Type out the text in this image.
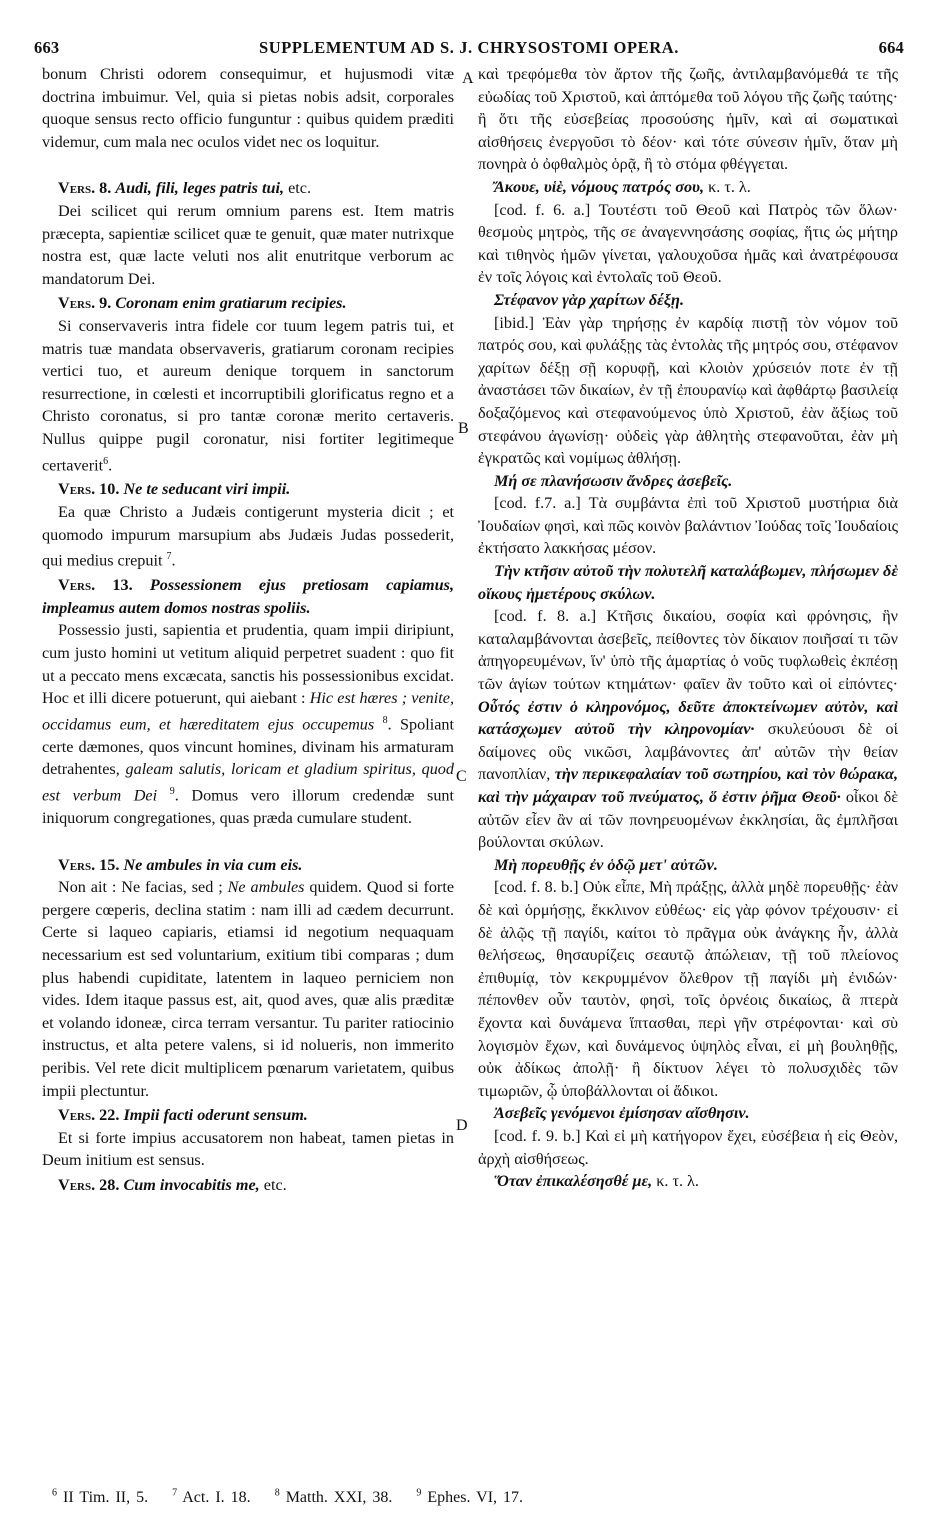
663	SUPPLEMENTUM AD S. J. CHRYSOSTOMI OPERA.	664
A
B
C
D

bonum Christi odorem consequimur, et hujusmodi vitæ doctrina imbuimur. Vel, quia si pietas nobis adsit, corporales quoque sensus recto officio funguntur : quibus quidem præditi videmur, cum mala nec oculos videt nec os loquitur.

Vers. 8. Audi, fili, leges patris tui, etc.

Dei scilicet qui rerum omnium parens est. Item matris præcepta, sapientiæ scilicet quæ te genuit, quæ mater nutrixque nostra est, quæ lacte veluti nos alit enutritque verborum ac mandatorum Dei.

Vers. 9. Coronam enim gratiarum recipies.

Si conservaveris intra fidele cor tuum legem patris tui, et matris tuæ mandata observaveris, gratiarum coronam recipies vertici tuo, et aureum denique torquem in sanctorum resurrectione, in cœlesti et incorruptibili glorificatus regno et a Christo coronatus, si pro tantæ coronæ merito certaveris. Nullus quippe pugil coronatur, nisi fortiter legitimeque certaverit$^6$.

Vers. 10. Ne te seducant viri impii.

Ea quæ Christo a Judæis contigerunt mysteria dicit ; et quomodo impurum marsupium abs Judæis Judas possederit, qui medius crepuit $^7$.

Vers. 13. Possessionem ejus pretiosam capiamus, impleamus autem domos nostras spoliis.

Possessio justi, sapientia et prudentia, quam impii diripiunt, cum justo homini ut vetitum aliquid perpetret suadent : quo fit ut a peccato mens excæcata, sanctis his possessionibus excidat. Hoc et illi dicere potuerunt, qui aiebant : Hic est hæres ; venite, occidamus eum, et hæreditatem ejus occupemus $^8$. Spoliant certe dæmones, quos vincunt homines, divinam his armaturam detrahentes, galeam salutis, loricam et gladium spiritus, quod est verbum Dei $^9$. Domus vero illorum credendæ sunt iniquorum congregationes, quas præda cumulare student.

Vers. 15. Ne ambules in via cum eis.

Non ait : Ne facias, sed ; Ne ambules quidem. Quod si forte pergere cœperis, declina statim : nam illi ad cædem decurrunt. Certe si laqueo capiaris, etiamsi id negotium nequaquam necessarium est sed voluntarium, exitium tibi comparas ; dum plus habendi cupiditate, latentem in laqueo perniciem non vides. Idem itaque passus est, ait, quod aves, quæ alis præditæ et volando idoneæ, circa terram versantur. Tu pariter ratiocinio instructus, et alta petere valens, si id nolueris, non immerito peribis. Vel rete dicit multiplicem pœnarum varietatem, quibus impii plectuntur.

Vers. 22. Impii facti oderunt sensum.

Et si forte impius accusatorem non habeat, tamen pietas in Deum initium est sensus.

Vers. 28. Cum invocabitis me, etc.

καὶ τρεφόμεθα τὸν ἄρτον τῆς ζωῆς, ἀντιλαμβανόμεθά τε τῆς εὐωδίας τοῦ Χριστοῦ, καὶ ἁπτόμεθα τοῦ λόγου τῆς ζωῆς ταύτης· ἢ ὅτι τῆς εὐσεβείας προσούσης ἡμῖν, καὶ αἱ σωματικαὶ αἰσθήσεις ἐνεργοῦσι τὸ δέον· καὶ τότε σύνεσιν ἡμῖν, ὅταν μὴ πονηρὰ ὁ ὀφθαλμὸς ὁρᾷ, ἢ τὸ στόμα φθέγγεται.

Ἄκουε, υἱὲ, νόμους πατρός σου, κ. τ. λ.

[cod. f. 6. a.] Τουτέστι τοῦ Θεοῦ καὶ Πατρὸς τῶν ὅλων· θεσμοὺς μητρὸς, τῆς σε ἀναγεννησάσης σοφίας, ἥτις ὡς μήτηρ καὶ τιθηνὸς ἡμῶν γίνεται, γαλουχοῦσα ἡμᾶς καὶ ἀνατρέφουσα ἐν τοῖς λόγοις καὶ ἐντολαῖς τοῦ Θεοῦ.

Στέφανον γὰρ χαρίτων δέξῃ.

[ibid.] Ἐὰν γὰρ τηρήσῃς ἐν καρδίᾳ πιστῇ τὸν νόμον τοῦ πατρός σου, καὶ φυλάξῃς τὰς ἐντολὰς τῆς μητρός σου, στέφανον χαρίτων δέξῃ σῇ κορυφῇ, καὶ κλοιὸν χρύσειόν ποτε ἐν τῇ ἀναστάσει τῶν δικαίων, ἐν τῇ ἐπουρανίῳ καὶ ἀφθάρτῳ βασιλείᾳ δοξαζόμενος καὶ στεφανούμενος ὑπὸ Χριστοῦ, ἐὰν ἄξίως τοῦ στεφάνου ἀγωνίσῃ· οὐδεὶς γὰρ ἀθλητὴς στεφανοῦται, ἐὰν μὴ ἐγκρατῶς καὶ νομίμως ἀθλήσῃ.

Μή σε πλανήσωσιν ἄνδρες ἀσεβεῖς.

[cod. f.7. a.] Τὰ συμβάντα ἐπὶ τοῦ Χριστοῦ μυστήρια διὰ Ἰουδαίων φησὶ, καὶ πῶς κοινὸν βαλάντιον Ἰούδας τοῖς Ἰουδαίοις ἐκτήσατο λακκήσας μέσον.

Τὴν κτῆσιν αὐτοῦ τὴν πολυτελῆ καταλάβωμεν, πλήσωμεν δὲ οἴκους ἡμετέρους σκύλων.

[cod. f. 8. a.] Κτῆσις δικαίου, σοφία καὶ φρόνησις, ἣν καταλαμβάνονται ἀσεβεῖς, πείθοντες τὸν δίκαιον ποιῆσαί τι τῶν ἀπηγορευμένων, ἵν' ὑπὸ τῆς ἁμαρτίας ὁ νοῦς τυφλωθεὶς ἐκπέσῃ τῶν ἁγίων τούτων κτημάτων· φαῖεν ἂν τοῦτο καὶ οἱ εἰπόντες· Οὗτός ἐστιν ὁ κληρονόμος, δεῦτε ἀποκτείνωμεν αὐτὸν, καὶ κατάσχωμεν αὐτοῦ τὴν κληρονομίαν· σκυλεύουσι δὲ οἱ δαίμονες οὓς νικῶσι, λαμβάνοντες ἀπ' αὐτῶν τὴν θείαν πανοπλίαν, τὴν περικεφαλαίαν τοῦ σωτηρίου, καὶ τὸν θώρακα, καὶ τὴν μάχαιραν τοῦ πνεύματος, ὅ ἐστιν ῥῆμα Θεοῦ· οἶκοι δὲ αὐτῶν εἶεν ἂν αἱ τῶν πονηρευομένων ἐκκλησίαι, ἃς ἐμπλῆσαι βούλονται σκύλων.

Μὴ πορευθῇς ἐν ὁδῷ μετ' αὐτῶν.

[cod. f. 8. b.] Οὐκ εἶπε, Μὴ πράξῃς, ἀλλὰ μηδὲ πορευθῇς· ἐὰν δὲ καὶ ὁρμήσῃς, ἔκκλινον εὐθέως· εἰς γὰρ φόνον τρέχουσιν· εἰ δὲ ἁλῷς τῇ παγίδι, καίτοι τὸ πρᾶγμα οὐκ ἀνάγκης ἦν, ἀλλὰ θελήσεως, θησαυρίζεις σεαυτῷ ἀπώλειαν, τῇ τοῦ πλείονος ἐπιθυμίᾳ, τὸν κεκρυμμένον ὄλεθρον τῇ παγίδι μὴ ἐνιδών· πέπονθεν οὖν ταυτὸν, φησὶ, τοῖς ὀρνέοις δικαίως, ἃ πτερὰ ἔχοντα καὶ δυνάμενα ἵπτασθαι, περὶ γῆν στρέφονται· καὶ σὺ λογισμὸν ἔχων, καὶ δυνάμενος ὑψηλὸς εἶναι, εἰ μὴ βουληθῇς, οὐκ ἀδίκως ἀπολῇ· ἢ δίκτυον λέγει τὸ πολυσχιδὲς τῶν τιμωριῶν, ᾧ ὑποβάλλονται οἱ ἄδικοι.

Ἀσεβεῖς γενόμενοι ἐμίσησαν αἴσθησιν.

[cod. f. 9. b.] Καὶ εἰ μὴ κατήγορον ἔχει, εὐσέβεια ἡ εἰς Θεὸν, ἀρχὴ αἰσθήσεως.

Ὅταν ἐπικαλέσησθέ με, κ. τ. λ.

$^6$ II Tim. II, 5. $^7$ Act. I. 18. $^8$ Matth. XXI, 38. $^9$ Ephes. VI, 17.
